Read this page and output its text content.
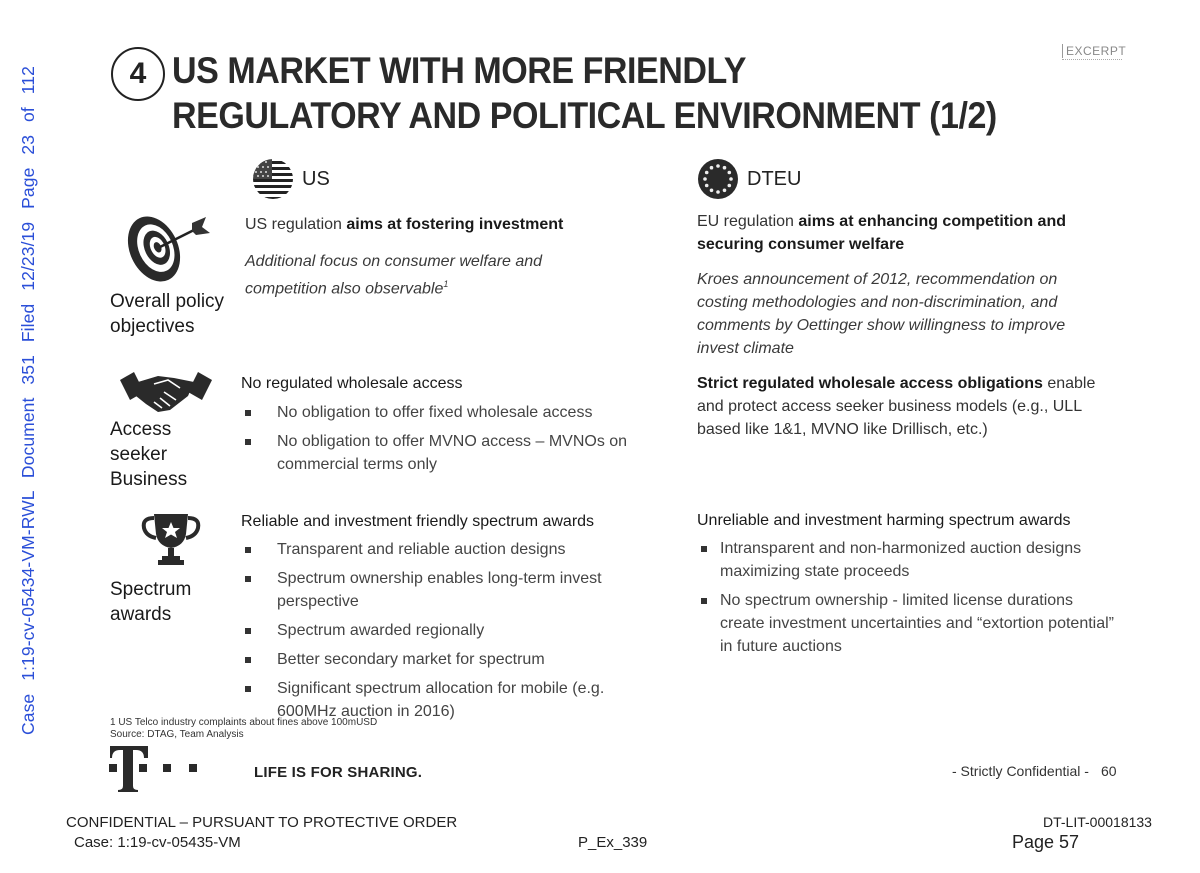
Case 1:19-cv-05434-VM-RWL Document 351 Filed 12/23/19 Page 23 of 112	4 US MARKET WITH MORE FRIENDLY
REGULATORY AND POLITICAL ENVIRONMENT (1/2)
EXCERPT
US	DTEU
Overall policy
objectives
US regulation aims at fostering investment
Additional focus on consumer welfare and competition also observable$^1$
EU regulation aims at enhancing competition and securing consumer welfare
Kroes announcement of 2012, recommendation on costing methodologies and non-discrimination, and comments by Oettinger show willingness to improve invest climate
Access
seeker
Business
No regulated wholesale access
No obligation to offer fixed wholesale access
No obligation to offer MVNO access – MVNOs on commercial terms only
Strict regulated wholesale access obligations enable and protect access seeker business models (e.g., ULL based like 1&1, MVNO like Drillisch, etc.)
Spectrum
awards
Reliable and investment friendly spectrum awards
Transparent and reliable auction designs
Spectrum ownership enables long-term invest perspective
Spectrum awarded regionally
Better secondary market for spectrum
Significant spectrum allocation for mobile (e.g. 600MHz auction in 2016)
Unreliable and investment harming spectrum awards
Intransparent and non-harmonized auction designs maximizing state proceeds
No spectrum ownership - limited license durations create investment uncertainties and “extortion potential” in future auctions
1 US Telco industry complaints about fines above 100mUSD
Source: DTAG, Team Analysis
LIFE IS FOR SHARING.	- Strictly Confidential - 60
CONFIDENTIAL – PURSUANT TO PROTECTIVE ORDER
Case: 1:19-cv-05435-VM	P_Ex_339
DT-LIT-00018133
Page 57
